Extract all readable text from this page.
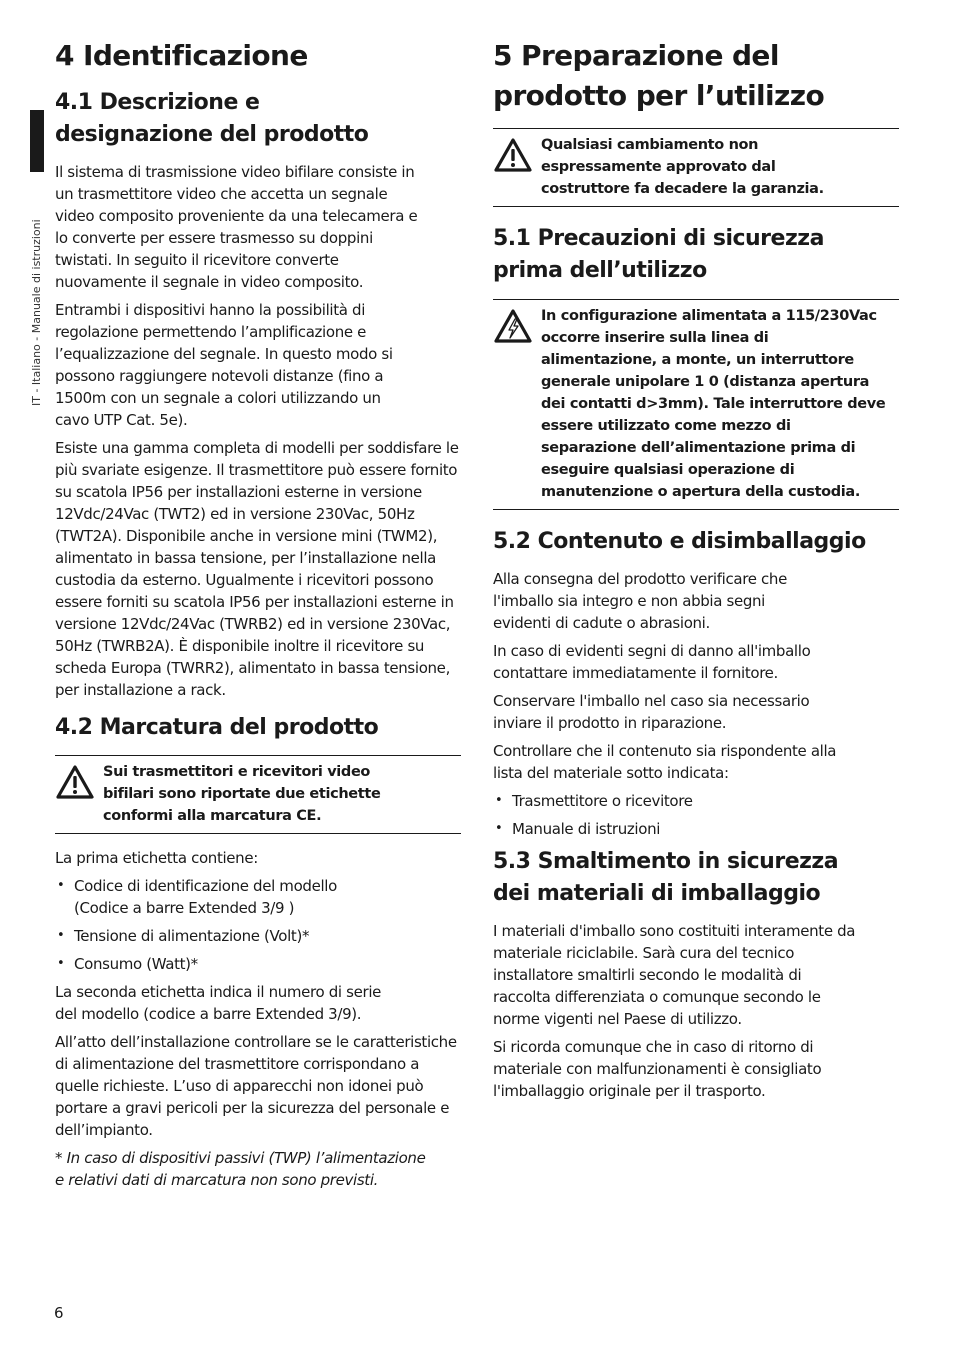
IT - Italiano - Manuale di istruzioni
4 Identificazione
4.1 Descrizione e designazione del prodotto

Il sistema di trasmissione video bifilare consiste in un trasmettitore video che accetta un segnale video composito proveniente da una telecamera e lo converte per essere trasmesso su doppini twistati. In seguito il ricevitore converte nuovamente il segnale in video composito.

Entrambi i dispositivi hanno la possibilità di regolazione permettendo l’amplificazione e l’equalizzazione del segnale. In questo modo si possono raggiungere notevoli distanze (fino a 1500m con un segnale a colori utilizzando un cavo UTP Cat. 5e).

Esiste una gamma completa di modelli per soddisfare le più svariate esigenze. Il trasmettitore può essere fornito su scatola IP56 per installazioni esterne in versione 12Vdc/24Vac (TWT2) ed in versione 230Vac, 50Hz (TWT2A). Disponibile anche in versione mini (TWM2), alimentato in bassa tensione, per l’installazione nella custodia da esterno. Ugualmente i ricevitori possono essere forniti su scatola IP56 per installazioni esterne in versione 12Vdc/24Vac (TWRB2) ed in versione 230Vac, 50Hz (TWRB2A). È disponibile inoltre il ricevitore su scheda Europa (TWRR2), alimentato in bassa tensione, per installazione a rack.

4.2 Marcatura del prodotto
Sui trasmettitori e ricevitori video bifilari sono riportate due etichette conformi alla marcatura CE.

La prima etichetta contiene:

• Codice di identificazione del modello (Codice a barre Extended 3/9 )
• Tensione di alimentazione (Volt)*
• Consumo (Watt)*

La seconda etichetta indica il numero di serie del modello (codice a barre Extended 3/9).

All’atto dell’installazione controllare se le caratteristiche di alimentazione del trasmettitore corrispondano a quelle richieste. L’uso di apparecchi non idonei può portare a gravi pericoli per la sicurezza del personale e dell’impianto.

* In caso di dispositivi passivi (TWP) l’alimentazione e relativi dati di marcatura non sono previsti.

5 Preparazione del prodotto per l’utilizzo
Qualsiasi cambiamento non espressamente approvato dal costruttore fa decadere la garanzia.
5.1 Precauzioni di sicurezza prima dell’utilizzo
In configurazione alimentata a 115/230Vac occorre inserire sulla linea di alimentazione, a monte, un interruttore generale unipolare 1 0 (distanza apertura dei contatti d>3mm). Tale interruttore deve essere utilizzato come mezzo di separazione dell’alimentazione prima di eseguire qualsiasi operazione di manutenzione o apertura della custodia.
5.2 Contenuto e disimballaggio

Alla consegna del prodotto verificare che l'imballo sia integro e non abbia segni evidenti di cadute o abrasioni.

In caso di evidenti segni di danno all'imballo contattare immediatamente il fornitore.

Conservare l'imballo nel caso sia necessario inviare il prodotto in riparazione.

Controllare che il contenuto sia rispondente alla lista del materiale sotto indicata:

• Trasmettitore o ricevitore
• Manuale di istruzioni
5.3 Smaltimento in sicurezza dei materiali di imballaggio

I materiali d'imballo sono costituiti interamente da materiale riciclabile. Sarà cura del tecnico installatore smaltirli secondo le modalità di raccolta differenziata o comunque secondo le norme vigenti nel Paese di utilizzo.

Si ricorda comunque che in caso di ritorno di materiale con malfunzionamenti è consigliato l'imballaggio originale per il trasporto.

6
